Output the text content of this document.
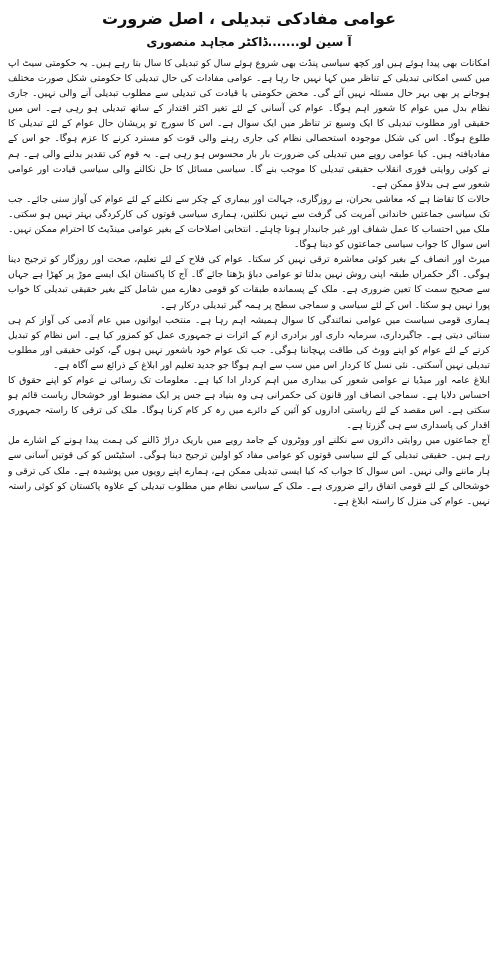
عوامی مفادکی تبدیلی ، اصل ضرورت
آ سین لو.......ڈاکٹر مجاہد منصوری

امکانات بھی پیدا ہوئے ہیں اور کچھ سیاسی پنڈت بھی شروع ہوئے سال کو تبدیلی کا سال بتا رہے ہیں۔ یہ حکومتی سیٹ اپ میں کسی امکانی تبدیلی کے تناظر میں کہا نہیں جا رہا ہے۔ عوامی مفادات کی حال تبدیلی کا حکومتی شکل صورت مختلف ہوجانے پر بھی بہر حال مسئلہ نہیں آئے گی۔ محض حکومتی یا قیادت کی تبدیلی سے مطلوب تبدیلی آنے والی نہیں۔ جاری نظام بدل میں عوام کا شعور اہم ہوگا۔ عوام کی آسانی کے لئے تغیر اکثر اقتدار کے ساتھ تبدیلی ہو رہی ہے۔ اس میں حقیقی اور مطلوب تبدیلی کا ایک وسیع تر تناظر میں ایک سوال ہے۔ اس کا سورج تو پریشان حال عوام کے لئے تبدیلی کا طلوع ہوگا۔ اس کی شکل موجودہ استحصالی نظام کی جاری رہنے والی قوت کو مسترد کرنے کا عزم ہوگا۔ جو اس کے مفادیافتہ ہیں۔ کیا عوامی روپے میں تبدیلی کی ضرورت بار بار محسوس ہو رہی ہے۔ یہ قوم کی تقدیر بدلنے والی ہے۔ ہم نے کوئی روایتی فوری انقلاب حقیقی تبدیلی کا موجب بنے گا۔ سیاسی مسائل کا حل نکالنے والی سیاسی قیادت اور عوامی شعور سے ہی بدلاؤ ممکن ہے۔

حالات کا تقاضا ہے کہ معاشی بحران، بے روزگاری، جہالت اور بیماری کے چکر سے نکلنے کے لئے عوام کی آواز سنی جائے۔ جب تک سیاسی جماعتیں خاندانی آمریت کی گرفت سے نہیں نکلتیں، ہماری سیاسی قوتوں کی کارکردگی بہتر نہیں ہو سکتی۔ ملک میں احتساب کا عمل شفاف اور غیر جانبدار ہونا چاہئے۔ انتخابی اصلاحات کے بغیر عوامی مینڈیٹ کا احترام ممکن نہیں۔ اس سوال کا جواب سیاسی جماعتوں کو دینا ہوگا۔

میرٹ اور انصاف کے بغیر کوئی معاشرہ ترقی نہیں کر سکتا۔ عوام کی فلاح کے لئے تعلیم، صحت اور روزگار کو ترجیح دینا ہوگی۔ اگر حکمراں طبقہ اپنی روش نہیں بدلتا تو عوامی دباؤ بڑھتا جائے گا۔ آج کا پاکستان ایک ایسے موڑ پر کھڑا ہے جہاں سے صحیح سمت کا تعین ضروری ہے۔ ملک کے پسماندہ طبقات کو قومی دھارے میں شامل کئے بغیر حقیقی تبدیلی کا خواب پورا نہیں ہو سکتا۔ اس کے لئے سیاسی و سماجی سطح پر ہمہ گیر تبدیلی درکار ہے۔

ہماری قومی سیاست میں عوامی نمائندگی کا سوال ہمیشہ اہم رہا ہے۔ منتخب ایوانوں میں عام آدمی کی آواز کم ہی سنائی دیتی ہے۔ جاگیرداری، سرمایہ داری اور برادری ازم کے اثرات نے جمہوری عمل کو کمزور کیا ہے۔ اس نظام کو تبدیل کرنے کے لئے عوام کو اپنے ووٹ کی طاقت پہچاننا ہوگی۔ جب تک عوام خود باشعور نہیں ہوں گے، کوئی حقیقی اور مطلوب تبدیلی نہیں آسکتی۔ نئی نسل کا کردار اس میں سب سے اہم ہوگا جو جدید تعلیم اور ابلاغ کے ذرائع سے آگاہ ہے۔

ابلاغ عامہ اور میڈیا نے عوامی شعور کی بیداری میں اہم کردار ادا کیا ہے۔ معلومات تک رسائی نے عوام کو اپنے حقوق کا احساس دلایا ہے۔ سماجی انصاف اور قانون کی حکمرانی ہی وہ بنیاد ہے جس پر ایک مضبوط اور خوشحال ریاست قائم ہو سکتی ہے۔ اس مقصد کے لئے ریاستی اداروں کو آئین کے دائرے میں رہ کر کام کرنا ہوگا۔ ملک کی ترقی کا راستہ جمہوری اقدار کی پاسداری سے ہی گزرتا ہے۔

آج جماعتوں میں روایتی دائروں سے نکلنے اور ووٹروں کے جامد رویے میں باریک دراڑ ڈالنے کی ہمت پیدا ہونے کے اشارے مل رہے ہیں۔ حقیقی تبدیلی کے لئے سیاسی قوتوں کو عوامی مفاد کو اولین ترجیح دینا ہوگی۔ اسٹیٹس کو کی قوتیں آسانی سے ہار ماننے والی نہیں۔ اس سوال کا جواب کہ کیا ایسی تبدیلی ممکن ہے، ہمارے اپنے رویوں میں پوشیدہ ہے۔ ملک کی ترقی و خوشحالی کے لئے قومی اتفاق رائے ضروری ہے۔ ملک کے سیاسی نظام میں مطلوب تبدیلی کے علاوہ پاکستان کو کوئی راستہ نہیں۔ عوام کی منزل کا راستہ ابلاغ ہے۔
